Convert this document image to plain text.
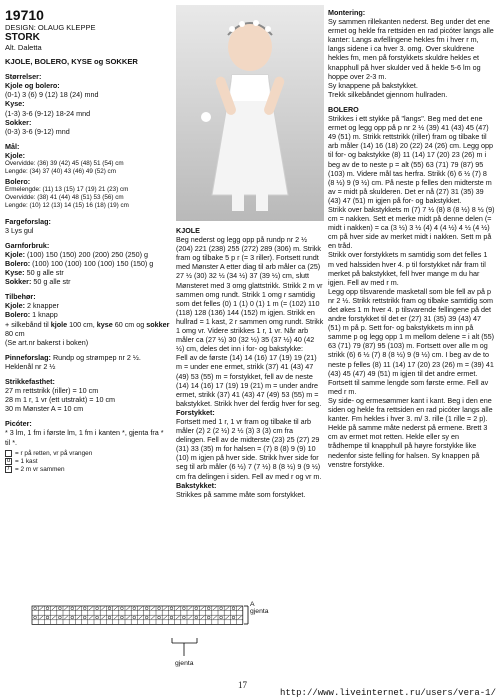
19710
DESIGN: OLAUG KLEPPE
STORK
Alt. Daletta
KJOLE, BOLERO, KYSE og SOKKER

Størrelser:

Kjole og bolero:

(0-1) 3 (6) 9 (12) 18 (24) mnd

Kyse:

(1-3) 3-6 (9-12) 18-24 mnd

Sokker:

(0-3) 3-6 (9-12) mnd

Mål:

Kjole:

Overvidde: (36) 39 (42) 45 (48) 51 (54) cm

Lengde: (34) 37 (40) 43 (46) 49 (52) cm

Bolero:

Ermelengde: (11) 13 (15) 17 (19) 21 (23) cm

Overvidde: (38) 41 (44) 48 (51) 53 (56) cm

Lengde: (10) 12 (13) 14 (15) 16 (18) (19) cm

Fargeforslag:

3 Lys gul

Garnforbruk:

Kjole: (100) 150 (150) 200 (200) 250 (250) g

Bolero: (100) 100 (100) 100 (100) 150 (150) g

Kyse: 50 g alle str

Sokker: 50 g alle str

Tilbehør:

Kjole: 2 knapper

Bolero: 1 knapp

+ silkebånd til kjole 100 cm, kyse 60 cm og sokker 80 cm

(Se art.nr bakerst i boken)

Pinneforslag: Rundp og strømpep nr 2 ½.

Heklenål nr 2 ½

Strikkefasthet:

27 m rettstrikk (riller) = 10 cm

28 m 1 r, 1 vr (ett utstrakt) = 10 cm

30 m Mønster A = 10 cm

Picóter:

* 3 lm, 1 fm i første lm, 1 fm i kanten *, gjenta fra * til *.

= r på retten, vr på vrangen
o = 1 kast
/ = 2 m vr sammen
A
gjenta
gjenta

KJOLE

Beg nederst og legg opp på rundp nr 2 ½ (204) 221 (238) 255 (272) 289 (306) m. Strikk fram og tilbake 5 p r (= 3 riller). Fortsett rundt med Mønster A etter diag til arb måler ca (25) 27 ½ (30) 32 ½ (34 ½) 37 (39 ½) cm, slutt Mønsteret med 3 omg glattstrikk. Strikk 2 m vr sammen omg rundt. Strikk 1 omg r samtidig som det felles (0) 1 (1) 0 (1) 1 m (= (102) 110 (118) 128 (136) 144 (152) m igjen. Strikk en hullrad = 1 kast, 2 r sammen omg rundt. Strikk 1 omg vr. Videre strikkes 1 r, 1 vr. Når arb måler ca (27 ½) 30 (32 ½) 35 (37 ½) 40 (42 ½) cm, deles det inn i for- og bakstykke:

Fell av de første (14) 14 (16) 17 (19) 19 (21) m = under ene ermet, strikk (37) 41 (43) 47 (49) 53 (55) m = forstykket, fell av de neste (14) 14 (16) 17 (19) 19 (21) m = under andre ermet, strikk (37) 41 (43) 47 (49) 53 (55) m = bakstykket. Strikk hver del ferdig hver for seg.

Forstykket:

Fortsett med 1 r, 1 vr fram og tilbake til arb måler (2) 2 (2 ½) 2 ½ (3) 3 (3) cm fra delingen. Fell av de midterste (23) 25 (27) 29 (31) 33 (35) m for halsen = (7) 8 (8) 9 (9) 10 (10) m igjen på hver side. Strikk hver side for seg til arb måler (6 ½) 7 (7 ½) 8 (8 ½) 9 (9 ½) cm fra delingen i siden. Fell av med r og vr m.

Bakstykket:

Strikkes på samme måte som forstykket.

Montering:

Sy sammen rillekanten nederst. Beg under det ene ermet og hekle fra rettsiden en rad picóter langs alle kanter: Langs avfellingene hekles fm i hver r m, langs sidene i ca hver 3. omg. Over skuldrene hekles fm, men på forstykkets skuldre hekles et knapphull på hver skulder ved å hekle 5-6 lm og hoppe over 2-3 m.

Sy knappene på bakstykket.

Trekk silkebåndet gjennom hullraden.

BOLERO

Strikkes i ett stykke på "langs". Beg med det ene ermet og legg opp på p nr 2 ½ (39) 41 (43) 45 (47) 49 (51) m. Strikk rettstrikk (riller) fram og tilbake til arb måler (14) 16 (18) 20 (22) 24 (26) cm. Legg opp til for- og bakstykke (8) 11 (14) 17 (20) 23 (26) m i beg av de to neste p = alt (55) 63 (71) 79 (87) 95 (103) m. Videre mål tas herfra. Strikk (6) 6 ½ (7) 8 (8 ½) 9 (9 ½) cm. På neste p felles den midterste m av = midt på skulderen. Det er nå (27) 31 (35) 39 (43) 47 (51) m igjen på for- og bakstykket.

Strikk over bakstykkets m (7) 7 ½ (8) 8 (8 ½) 8 ½ (9) cm = nakken. Sett et merke midt på denne delen (= midt i nakken) = ca (3 ½) 3 ½ (4) 4 (4 ½) 4 ½ (4 ½) cm på hver side av merket midt i nakken. Sett m på en tråd.

Strikk over forstykkets m samtidig som det felles 1 m ved halssiden hver 4. p til forstykket når fram til merket på bakstykket, fell hver mange m du har igjen. Fell av med r m.

Legg opp tilsvarende masketall som ble fell av på p nr 2 ½. Strikk rettstrikk fram og tilbake samtidig som det økes 1 m hver 4. p tilsvarende fellingene på det andre forstykket til det er (27) 31 (35) 39 (43) 47 (51) m på p. Sett for- og bakstykkets m inn på samme p og legg opp 1 m mellom delene = i alt (55) 63 (71) 79 (87) 95 (103) m. Fortsett over alle m og strikk (6) 6 ½ (7) 8 (8 ½) 9 (9 ½) cm. I beg av de to neste p felles (8) 11 (14) 17 (20) 23 (26) m = (39) 41 (43) 45 (47) 49 (51) m igjen til det andre ermet. Fortsett til samme lengde som første erme. Fell av med r m.

Sy side- og ermesømmer kant i kant. Beg i den ene siden og hekle fra rettsiden en rad picóter langs alle kanter. Fm hekles i hver 3. m/ 3. rille (1 rille = 2 p).

Hekle på samme måte nederst på ermene. Brett 3 cm av ermet mot retten. Hekle eller sy en trådhempe til knapphull på høyre forstykke like nedenfor siste felling for halsen. Sy knappen på venstre forstykke.

17
http://www.liveinternet.ru/users/vera-1/
